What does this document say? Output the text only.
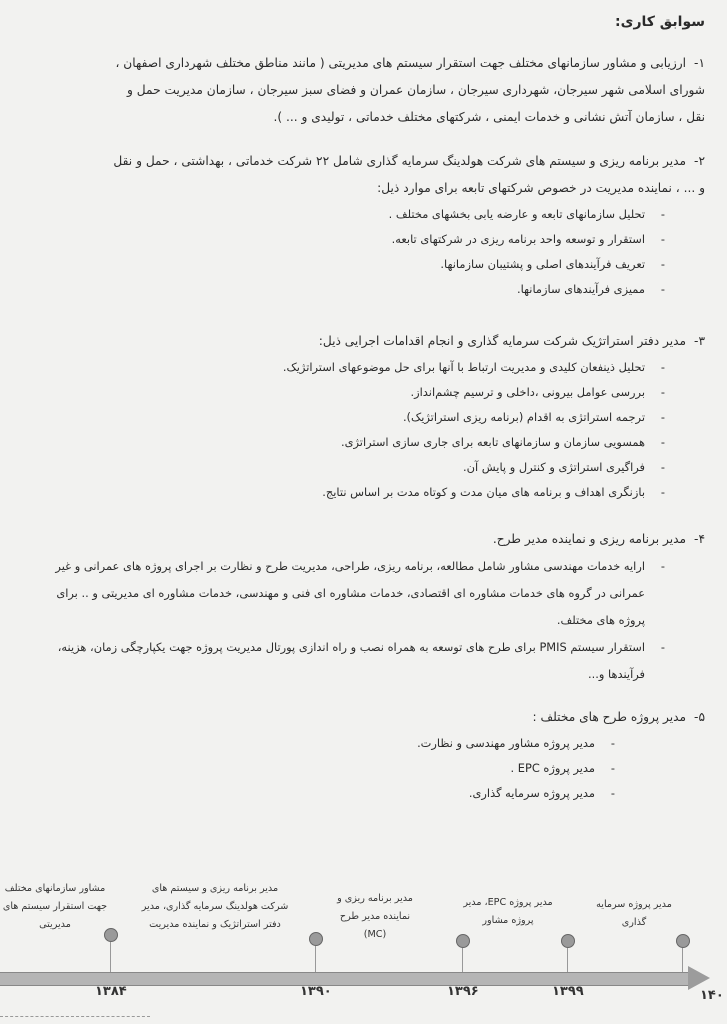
سوابق کاری:
۱-ارزیابی و مشاور سازمانهای مختلف جهت استقرار سیستم های مدیریتی ( مانند مناطق مختلف شهرداری اصفهان ،
شورای اسلامی شهر سیرجان، شهرداری سیرجان ، سازمان عمران و فضای سبز سیرجان ، سازمان مدیریت حمل و
نقل ، سازمان آتش نشانی و خدمات ایمنی ، شرکتهای مختلف خدماتی ، تولیدی و ... ).
۲-مدیر برنامه ریزی و سیستم های شرکت هولدینگ سرمایه گذاری شامل ۲۲ شرکت خدماتی ، بهداشتی ، حمل و نقل
و ... ، نماینده مدیریت در خصوص شرکتهای تابعه برای موارد ذیل:
-
تحلیل سازمانهای تابعه و عارضه یابی بخشهای مختلف .
-
استقرار و توسعه واحد برنامه ریزی در شرکتهای تابعه.
-
تعریف فرآیندهای اصلی و پشتیبان سازمانها.
-
ممیزی فرآیندهای سازمانها.
۳-مدیر دفتر استراتژیک شرکت سرمایه گذاری و انجام اقدامات اجرایی ذیل:
-
تحلیل ذینفعان کلیدی و مدیریت ارتباط با آنها برای حل موضوعهای استراتژیک.
-
بررسی عوامل بیرونی ،داخلی و ترسیم چشم‌انداز.
-
ترجمه استراتژی به اقدام (برنامه ریزی استراتژیک).
-
همسویی سازمان و سازمانهای تابعه برای جاری سازی استراتژی.
-
فراگیری استراتژی و کنترل و پایش آن.
-
بازنگری اهداف و برنامه های میان مدت و کوتاه مدت بر اساس نتایج.
۴-مدیر برنامه ریزی و نماینده مدیر طرح.
-
ارایه خدمات مهندسی مشاور شامل مطالعه، برنامه ریزی، طراحی، مدیریت طرح و نظارت بر اجرای پروژه های عمرانی و غیر عمرانی در گروه های خدمات مشاوره ای اقتصادی، خدمات مشاوره ای فنی و مهندسی، خدمات مشاوره ای مدیریتی و .. برای پروژه های مختلف.
-
استقرار سیستم PMIS برای طرح های توسعه به همراه نصب و راه اندازی پورتال مدیریت پروژه جهت یکپارچگی زمان، هزینه، فرآیندها و...
۵-مدیر پروژه طرح های مختلف :
-
مدیر پروژه مشاور مهندسی و نظارت.
-
مدیر پروژه EPC .
-
مدیر پروژه سرمایه گذاری.
مشاور سازمانهای مختلف جهت استقرار سیستم های مدیریتی
مدیر برنامه ریزی و سیستم های شرکت هولدینگ سرمایه گذاری، مدیر دفتر استراتژیک و نماینده مدیریت
مدیر برنامه ریزی و نماینده مدیر طرح (MC)
مدیر پروژه EPC، مدیر پروژه مشاور
مدیر پروژه سرمایه گذاری
۱۳۸۴	۱۳۹۰	۱۳۹۶	۱۳۹۹	۱۴۰
